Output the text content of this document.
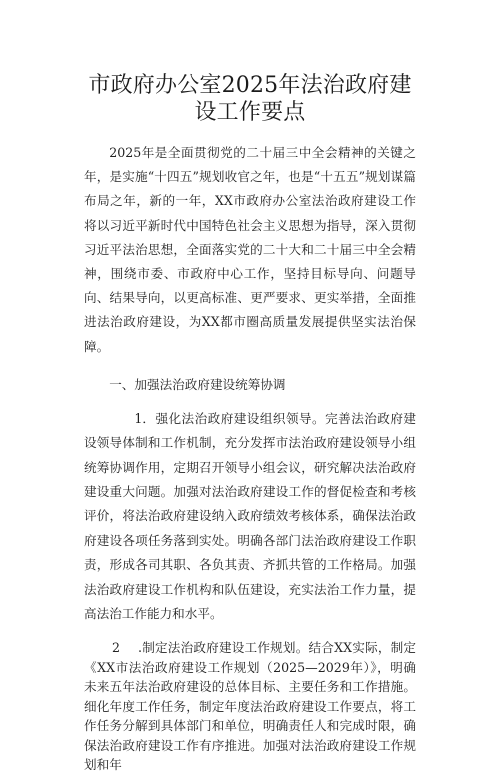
市政府办公室2025年法治政府建设工作要点

2025年是全面贯彻党的二十届三中全会精神的关键之年，是实施“十四五”规划收官之年，也是“十五五”规划谋篇布局之年，新的一年，XX市政府办公室法治政府建设工作将以习近平新时代中国特色社会主义思想为指导，深入贯彻习近平法治思想，全面落实党的二十大和二十届三中全会精神，围绕市委、市政府中心工作，坚持目标导向、问题导向、结果导向，以更高标准、更严要求、更实举措，全面推进法治政府建设，为XX都市圈高质量发展提供坚实法治保障。

一、加强法治政府建设统筹协调

1．强化法治政府建设组织领导。完善法治政府建设领导体制和工作机制，充分发挥市法治政府建设领导小组统筹协调作用，定期召开领导小组会议，研究解决法治政府建设重大问题。加强对法治政府建设工作的督促检查和考核评价，将法治政府建设纳入政府绩效考核体系，确保法治政府建设各项任务落到实处。明确各部门法治政府建设工作职责，形成各司其职、各负其责、齐抓共管的工作格局。加强法治政府建设工作机构和队伍建设，充实法治工作力量，提高法治工作能力和水平。

2 .制定法治政府建设工作规划。结合XX实际，制定《XX市法治政府建设工作规划（2025—2029年）》，明确未来五年法治政府建设的总体目标、主要任务和工作措施。细化年度工作任务，制定年度法治政府建设工作要点，将工作任务分解到具体部门和单位，明确责任人和完成时限，确保法治政府建设工作有序推进。加强对法治政府建设工作规划和年
